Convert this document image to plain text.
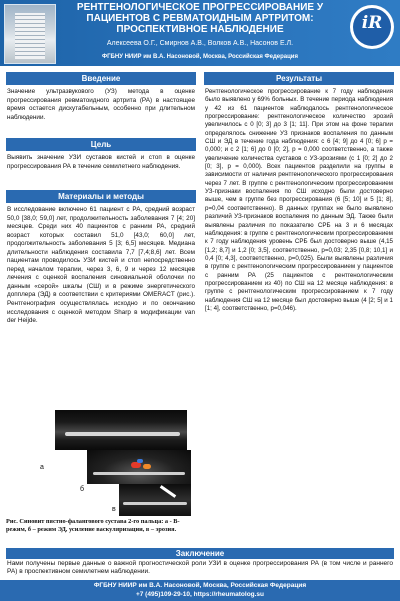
РЕНТГЕНОЛОГИЧЕСКОЕ ПРОГРЕССИРОВАНИЕ У ПАЦИЕНТОВ С РЕВМАТОИДНЫМ АРТРИТОМ: ПРОСПЕКТИВНОЕ НАБЛЮДЕНИЕ
Алексеева О.Г., Смирнов А.В., Волков А.В., Насонов Е.Л.
ФГБНУ НИИР им В.А. Насоновой, Москва, Российская Федерация
iR
Введение
Значение ультразвукового (УЗ) метода в оценке прогрессирования ревматоидного артрита (РА) в настоящее время остается дискутабельным, особенно при длительном наблюдении.
Цель
Выявить значение УЗИ суставов кистей и стоп в оценке прогрессирования РА в течение семилетнего наблюдения.
Материалы и методы
В исследование включено 61 пациент с РА, средний возраст 50,0 [38,0; 59,0] лет, продолжительность заболевания 7 [4; 20] месяцев. Среди них 40 пациентов с ранним РА, средний возраст которых составил 51,0 [43,0; 60,0] лет, продолжительность заболевания 5 [3; 6,5] месяцев. Медиана длительности наблюдения составила 7,7 [7,4;8,6] лет. Всем пациентам проводилось УЗИ кистей и стоп непосредственно перед началом терапии, через 3, 6, 9 и через 12 месяцев лечения с оценкой воспаления синовиальной оболочки по данным «серой» шкалы (СШ) и в режиме энергетического допплера (ЭД) в соответствии с критериями OMERACT (рис.). Рентгенография осуществлялась исходно и по окончанию исследования с оценкой методом Sharp в модификации van der Heijde.
а
б
в
Рис. Синовит пястно-фалангового сустава 2-го пальца: а - В-режим, б – режим ЭД, усиление васкуляризации, в – эрозия.
Результаты
Рентгенологическое прогрессирование к 7 году наблюдения было выявлено у 69% больных. В течение периода наблюдения у 42 из 61 пациентов наблюдалось рентгенологическое прогрессирование: рентгенологическое количество эрозий увеличилось с 0 [0; 3] до 3 [1; 11]. При этом на фоне терапии определялось снижение УЗ признаков воспаления по данным СШ и ЭД в течение года наблюдения: с 6 [4; 9] до 4 [0; 6] р = 0,000; и с 2 [1; 6] до 0 [0; 2], р = 0,000 соответственно, а также увеличение количества суставов с УЗ-эрозиями (с 1 [0; 2] до 2 [0; 3], р = 0,000). Всех пациентов разделили на группы в зависимости от наличия рентгенологического прогрессирования через 7 лет. В группе с рентгенологическим прогрессированием УЗ-признаки воспаления по СШ исходно были достоверно выше, чем в группе без прогрессирования (6 [5; 10] и 5 [1; 8], р=0,04 соответственно). В данных группах не было выявлено различий УЗ-признаков воспаления по данным ЭД. Также были выявлены различия по показателю СРБ на 3 и 6 месяцах наблюдения: в группе с рентгенологическим прогрессированием к 7 году наблюдения уровень СРБ был достоверно выше (4,15 [1,2; 8,7] и 1,2 [0; 3,5], соответственно, р=0,03; 2,35 [0,8; 10,1] и 0,4 [0; 4,3], соответственно, р=0,025). Были выявлены различия в группе с рентгенологическим прогрессированием у пациентов с ранним РА (25 пациентов с рентгенологическим прогрессированием из 40) по СШ на 12 месяце наблюдения: в группе с рентгенологическим прогрессированием к 7 году наблюдения СШ на 12 месяце был достоверно выше (4 [2; 5] и 1 [1; 4], соответственно, р=0,046).
Заключение
Нами получены первые данные о важной прогностической роли УЗИ в оценке прогрессирования РА (в том числе и раннего РА) в проспективном семилетнем наблюдении.
ФГБНУ НИИР им В.А. Насоновой, Москва, Российская Федерация
+7 (495)109-29-10, https://rheumatolog.su
